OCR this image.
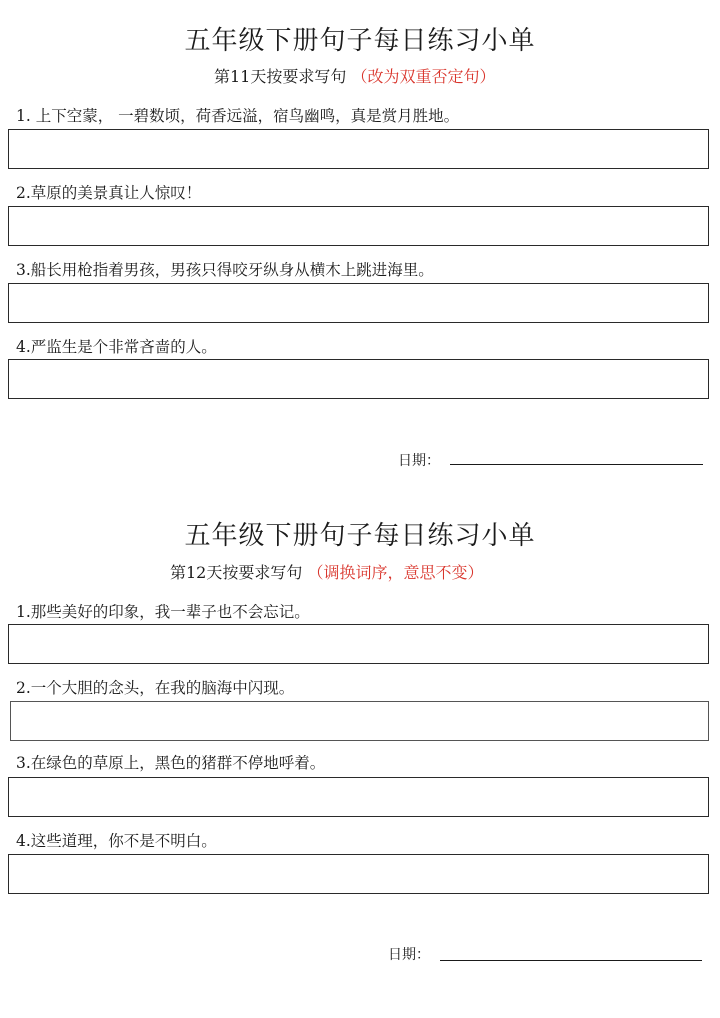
五年级下册句子每日练习小单
第11天按要求写句 （改为双重否定句）
1. 上下空蒙， 一碧数顷，荷香远溢，宿鸟幽鸣，真是赏月胜地。
2.草原的美景真让人惊叹！
3.船长用枪指着男孩，男孩只得咬牙纵身从横木上跳进海里。
4.严监生是个非常吝啬的人。
日期：
五年级下册句子每日练习小单
第12天按要求写句 （调换词序，意思不变）
1.那些美好的印象，我一辈子也不会忘记。
2.一个大胆的念头，在我的脑海中闪现。
3.在绿色的草原上，黑色的猪群不停地呼着。
4.这些道理，你不是不明白。
日期：
